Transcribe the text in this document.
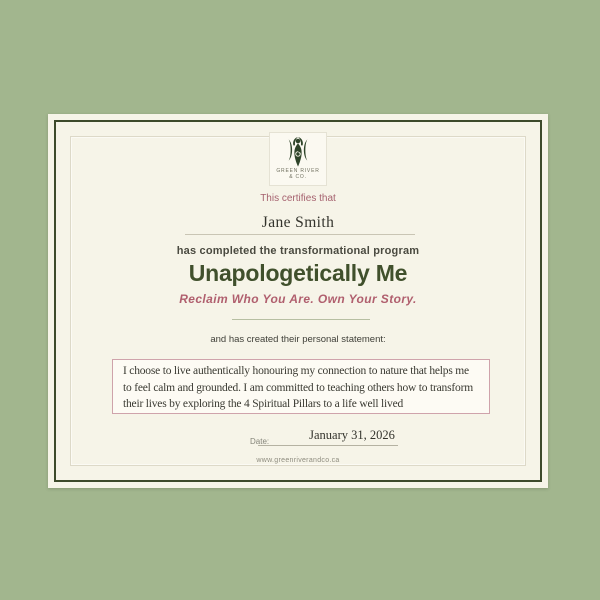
GREEN RIVER
& CO.
This certifies that
Jane Smith
has completed the transformational program
Unapologetically Me
Reclaim Who You Are. Own Your Story.
and has created their personal statement:
I choose to live authentically honouring my connection to nature that helps me to feel calm and grounded. I am committed to teaching others how to transform their lives by exploring the 4 Spiritual Pillars to a life well lived
Date:	January 31, 2026
www.greenriverandco.ca
